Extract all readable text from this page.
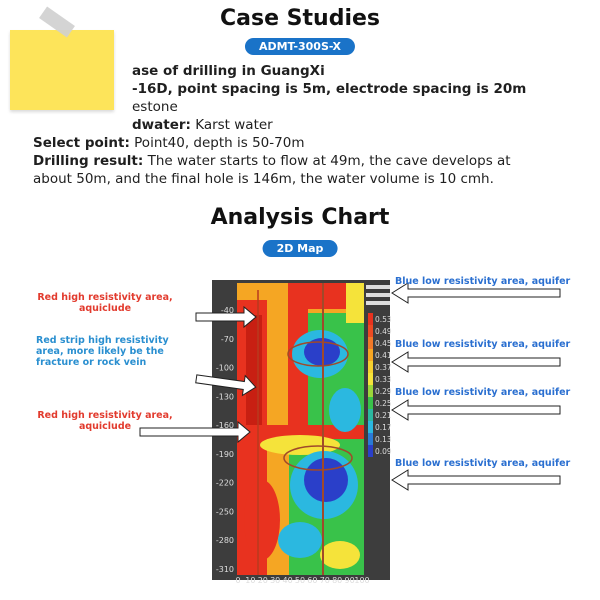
Case Studies
ADMT-300S-X
ase of drilling in GuangXi
-16D, point spacing is 5m, electrode spacing is 20m
estone
dwater: Karst water
Select point: Point40, depth is 50-70m
Drilling result: The water starts to flow at 49m, the cave develops at
about 50m, and the final hole is 146m, the water volume is 10 cmh.
Analysis Chart
2D Map
-40
-70
-100
-130
-160
-190
-220
-250
-280
-310
0 10 20 30 40 50 60 70 80 90 100
0.53
0.49
0.45
0.41
0.37
0.33
0.29
0.25
0.21
0.17
0.13
0.09
Red high resistivity area, aquiclude
Red strip high resistivity area, more likely be the fracture or rock vein
Red high resistivity area, aquiclude
Blue low resistivity area, aquifer
Blue low resistivity area, aquifer
Blue low resistivity area, aquifer
Blue low resistivity area, aquifer
